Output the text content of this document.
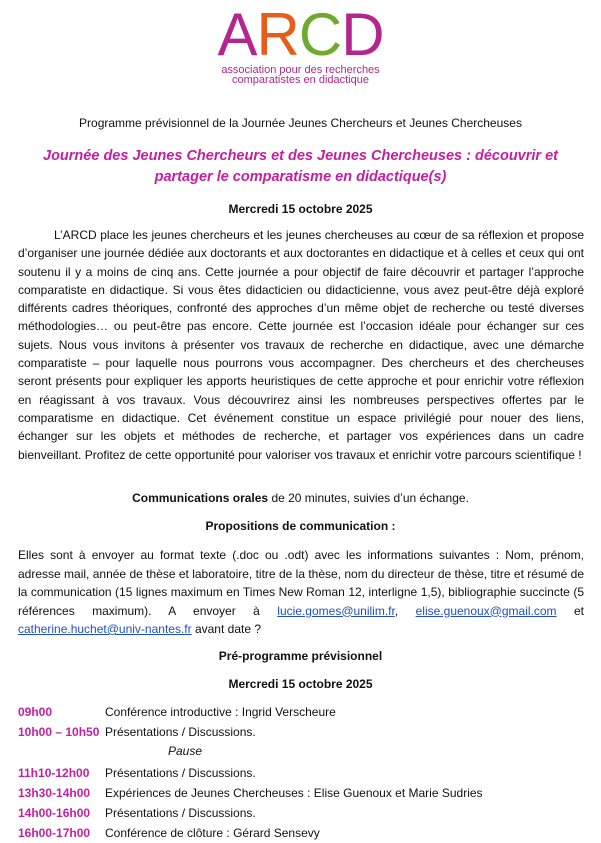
ARCD
association pour des recherches
comparatistes en didactique
Programme prévisionnel de la Journée Jeunes Chercheurs et Jeunes Chercheuses
Journée des Jeunes Chercheurs et des Jeunes Chercheuses : découvrir et partager le comparatisme en didactique(s)
Mercredi 15 octobre 2025
L’ARCD place les jeunes chercheurs et les jeunes chercheuses au cœur de sa réflexion et propose d’organiser une journée dédiée aux doctorants et aux doctorantes en didactique et à celles et ceux qui ont soutenu il y a moins de cinq ans. Cette journée a pour objectif de faire découvrir et partager l’approche comparatiste en didactique. Si vous êtes didacticien ou didacticienne, vous avez peut-être déjà exploré différents cadres théoriques, confronté des approches d’un même objet de recherche ou testé diverses méthodologies… ou peut-être pas encore. Cette journée est l’occasion idéale pour échanger sur ces sujets. Nous vous invitons à présenter vos travaux de recherche en didactique, avec une démarche comparatiste – pour laquelle nous pourrons vous accompagner. Des chercheurs et des chercheuses seront présents pour expliquer les apports heuristiques de cette approche et pour enrichir votre réflexion en réagissant à vos travaux. Vous découvrirez ainsi les nombreuses perspectives offertes par le comparatisme en didactique. Cet événement constitue un espace privilégié pour nouer des liens, échanger sur les objets et méthodes de recherche, et partager vos expériences dans un cadre bienveillant. Profitez de cette opportunité pour valoriser vos travaux et enrichir votre parcours scientifique !
Communications orales de 20 minutes, suivies d’un échange.
Propositions de communication :
Elles sont à envoyer au format texte (.doc ou .odt) avec les informations suivantes : Nom, prénom, adresse mail, année de thèse et laboratoire, titre de la thèse, nom du directeur de thèse, titre et résumé de la communication (15 lignes maximum en Times New Roman 12, interligne 1,5), bibliographie succincte (5 références maximum). A envoyer à lucie.gomes@unilim.fr, elise.guenoux@gmail.com et catherine.huchet@univ-nantes.fr avant date ?
Pré-programme prévisionnel
Mercredi 15 octobre 2025
09h00	Conférence introductive : Ingrid Verscheure
10h00 – 10h50 Présentations / Discussions.
Pause
11h10-12h00 Présentations / Discussions.
13h30-14h00 Expériences de Jeunes Chercheuses : Elise Guenoux et Marie Sudries
14h00-16h00 Présentations / Discussions.
16h00-17h00 Conférence de clôture : Gérard Sensevy
